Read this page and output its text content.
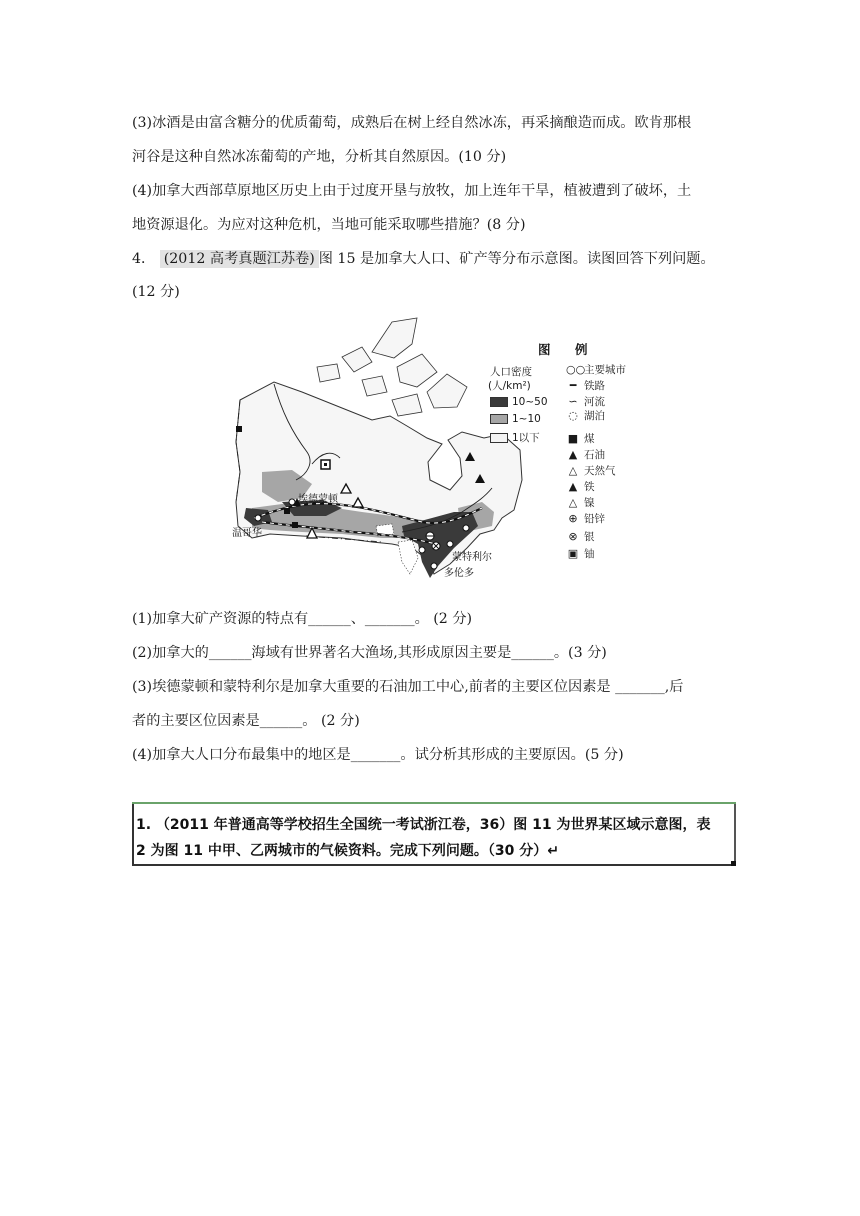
(3)冰酒是由富含糖分的优质葡萄，成熟后在树上经自然冰冻，再采摘酿造而成。欧肯那根
河谷是这种自然冰冻葡萄的产地，分析其自然原因。(10 分)
(4)加拿大西部草原地区历史上由于过度开垦与放牧，加上连年干旱，植被遭到了破坏，土
地资源退化。为应对这种危机，当地可能采取哪些措施？(8 分)
4． (2012 高考真题江苏卷) 图 15 是加拿大人口、矿产等分布示意图。读图回答下列问题。
(12 分)
埃德蒙顿
温哥华
蒙特利尔
多伦多
图　例
人口密度
(人/km²)
10~50
1~10
1以下
○○
主要城市
━ 铁路
∽ 河流
◌ 湖泊
■ 煤
▲ 石油
△ 天然气
▲ 铁
△ 镍
⊕ 铅锌
⊗ 银
▣ 铀
(1)加拿大矿产资源的特点有______、_______。 (2 分)
(2)加拿大的______海域有世界著名大渔场,其形成原因主要是______。(3 分)
(3)埃德蒙顿和蒙特利尔是加拿大重要的石油加工中心,前者的主要区位因素是 _______,后
者的主要区位因素是______。 (2 分)
(4)加拿大人口分布最集中的地区是_______。试分析其形成的主要原因。(5 分)
1. （2011 年普通高等学校招生全国统一考试浙江卷，36）图 11 为世界某区域示意图，表
2 为图 11 中甲、乙两城市的气候资料。完成下列问题。（30 分）↵
